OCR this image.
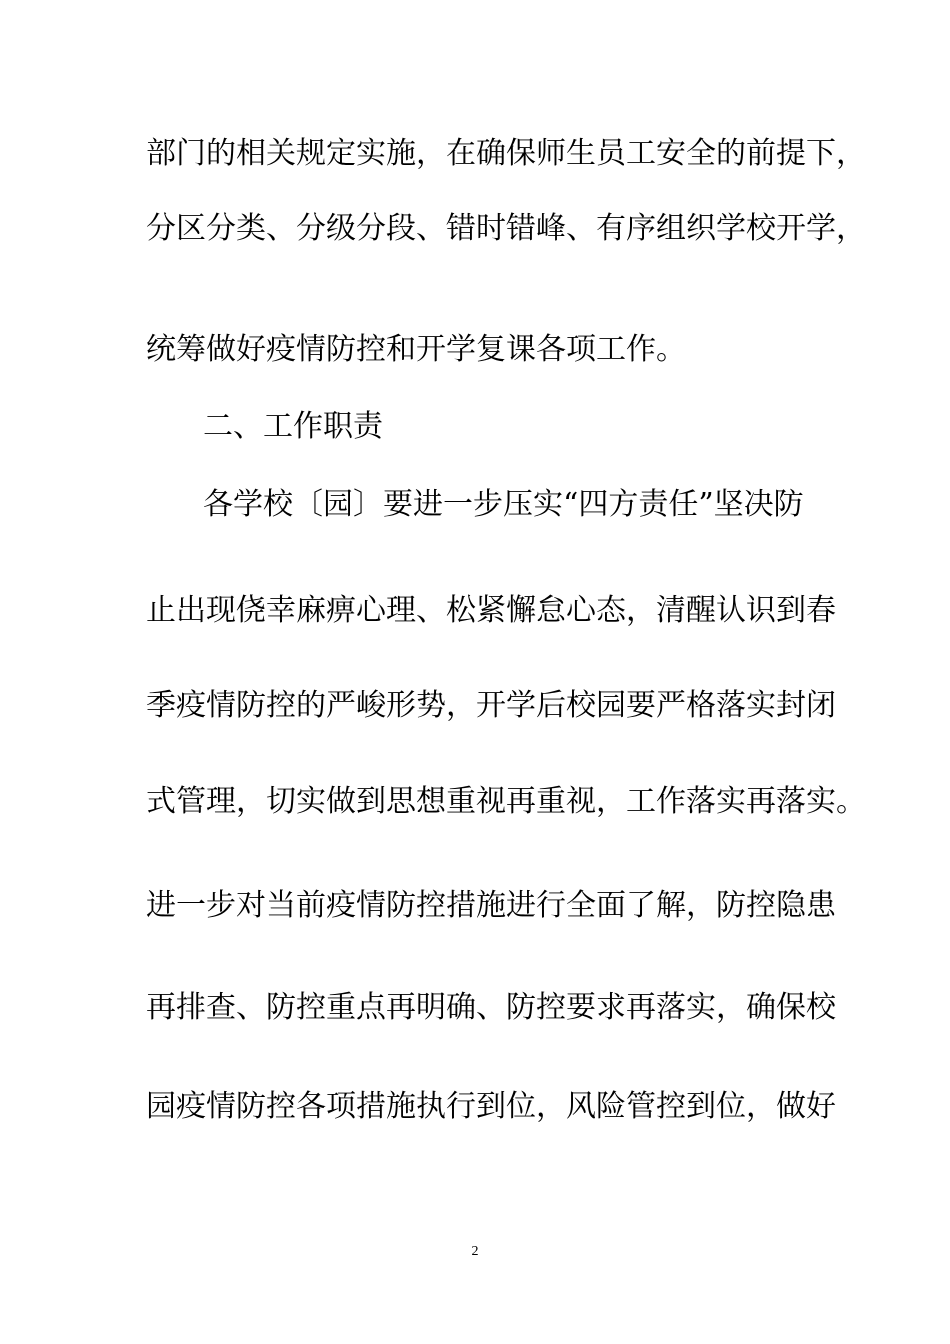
部门的相关规定实施，在确保师生员工安全的前提下，
分区分类、分级分段、错时错峰、有序组织学校开学，
统筹做好疫情防控和开学复课各项工作。
二、工作职责
各学校〔园〕要进一步压实“四方责任”坚决防
止出现侥幸麻痹心理、松紧懈怠心态，清醒认识到春
季疫情防控的严峻形势，开学后校园要严格落实封闭
式管理，切实做到思想重视再重视，工作落实再落实。
进一步对当前疫情防控措施进行全面了解，防控隐患
再排查、防控重点再明确、防控要求再落实，确保校
园疫情防控各项措施执行到位，风险管控到位，做好
2
